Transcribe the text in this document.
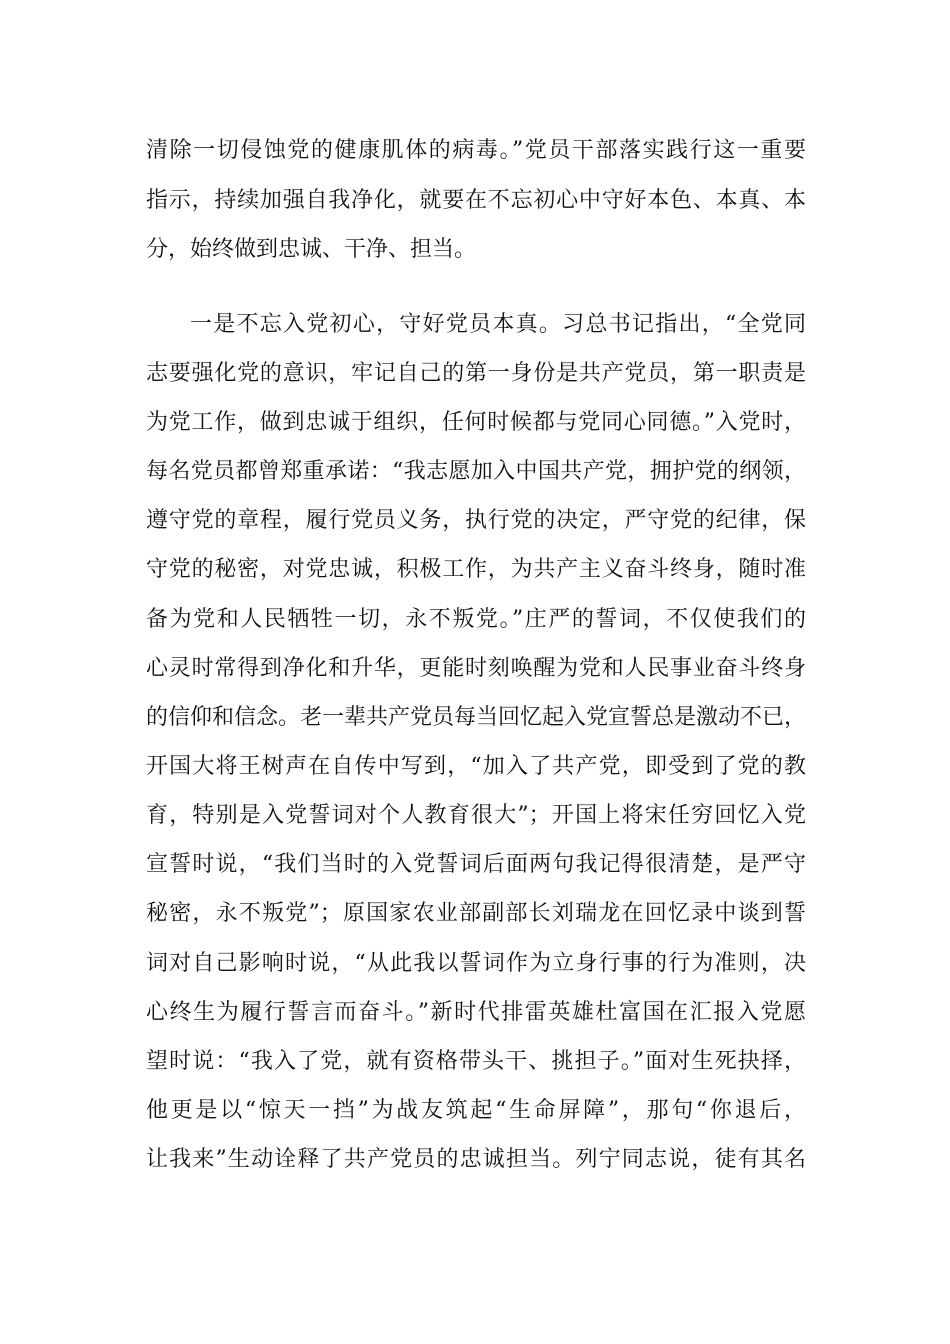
清除一切侵蚀党的健康肌体的病毒。”党员干部落实践行这一重要
指示，持续加强自我净化，就要在不忘初心中守好本色、本真、本
分，始终做到忠诚、干净、担当。
一是不忘入党初心，守好党员本真。习总书记指出，“全党同
志要强化党的意识，牢记自己的第一身份是共产党员，第一职责是
为党工作，做到忠诚于组织，任何时候都与党同心同德。”入党时，
每名党员都曾郑重承诺：“我志愿加入中国共产党，拥护党的纲领，
遵守党的章程，履行党员义务，执行党的决定，严守党的纪律，保
守党的秘密，对党忠诚，积极工作，为共产主义奋斗终身，随时准
备为党和人民牺牲一切，永不叛党。”庄严的誓词，不仅使我们的
心灵时常得到净化和升华，更能时刻唤醒为党和人民事业奋斗终身
的信仰和信念。老一辈共产党员每当回忆起入党宣誓总是激动不已，
开国大将王树声在自传中写到，“加入了共产党，即受到了党的教
育，特别是入党誓词对个人教育很大”；开国上将宋任穷回忆入党
宣誓时说，“我们当时的入党誓词后面两句我记得很清楚，是严守
秘密，永不叛党”；原国家农业部副部长刘瑞龙在回忆录中谈到誓
词对自己影响时说，“从此我以誓词作为立身行事的行为准则，决
心终生为履行誓言而奋斗。”新时代排雷英雄杜富国在汇报入党愿
望时说：“我入了党，就有资格带头干、挑担子。”面对生死抉择，
他更是以“惊天一挡”为战友筑起“生命屏障”，那句“你退后，
让我来”生动诠释了共产党员的忠诚担当。列宁同志说，徒有其名
